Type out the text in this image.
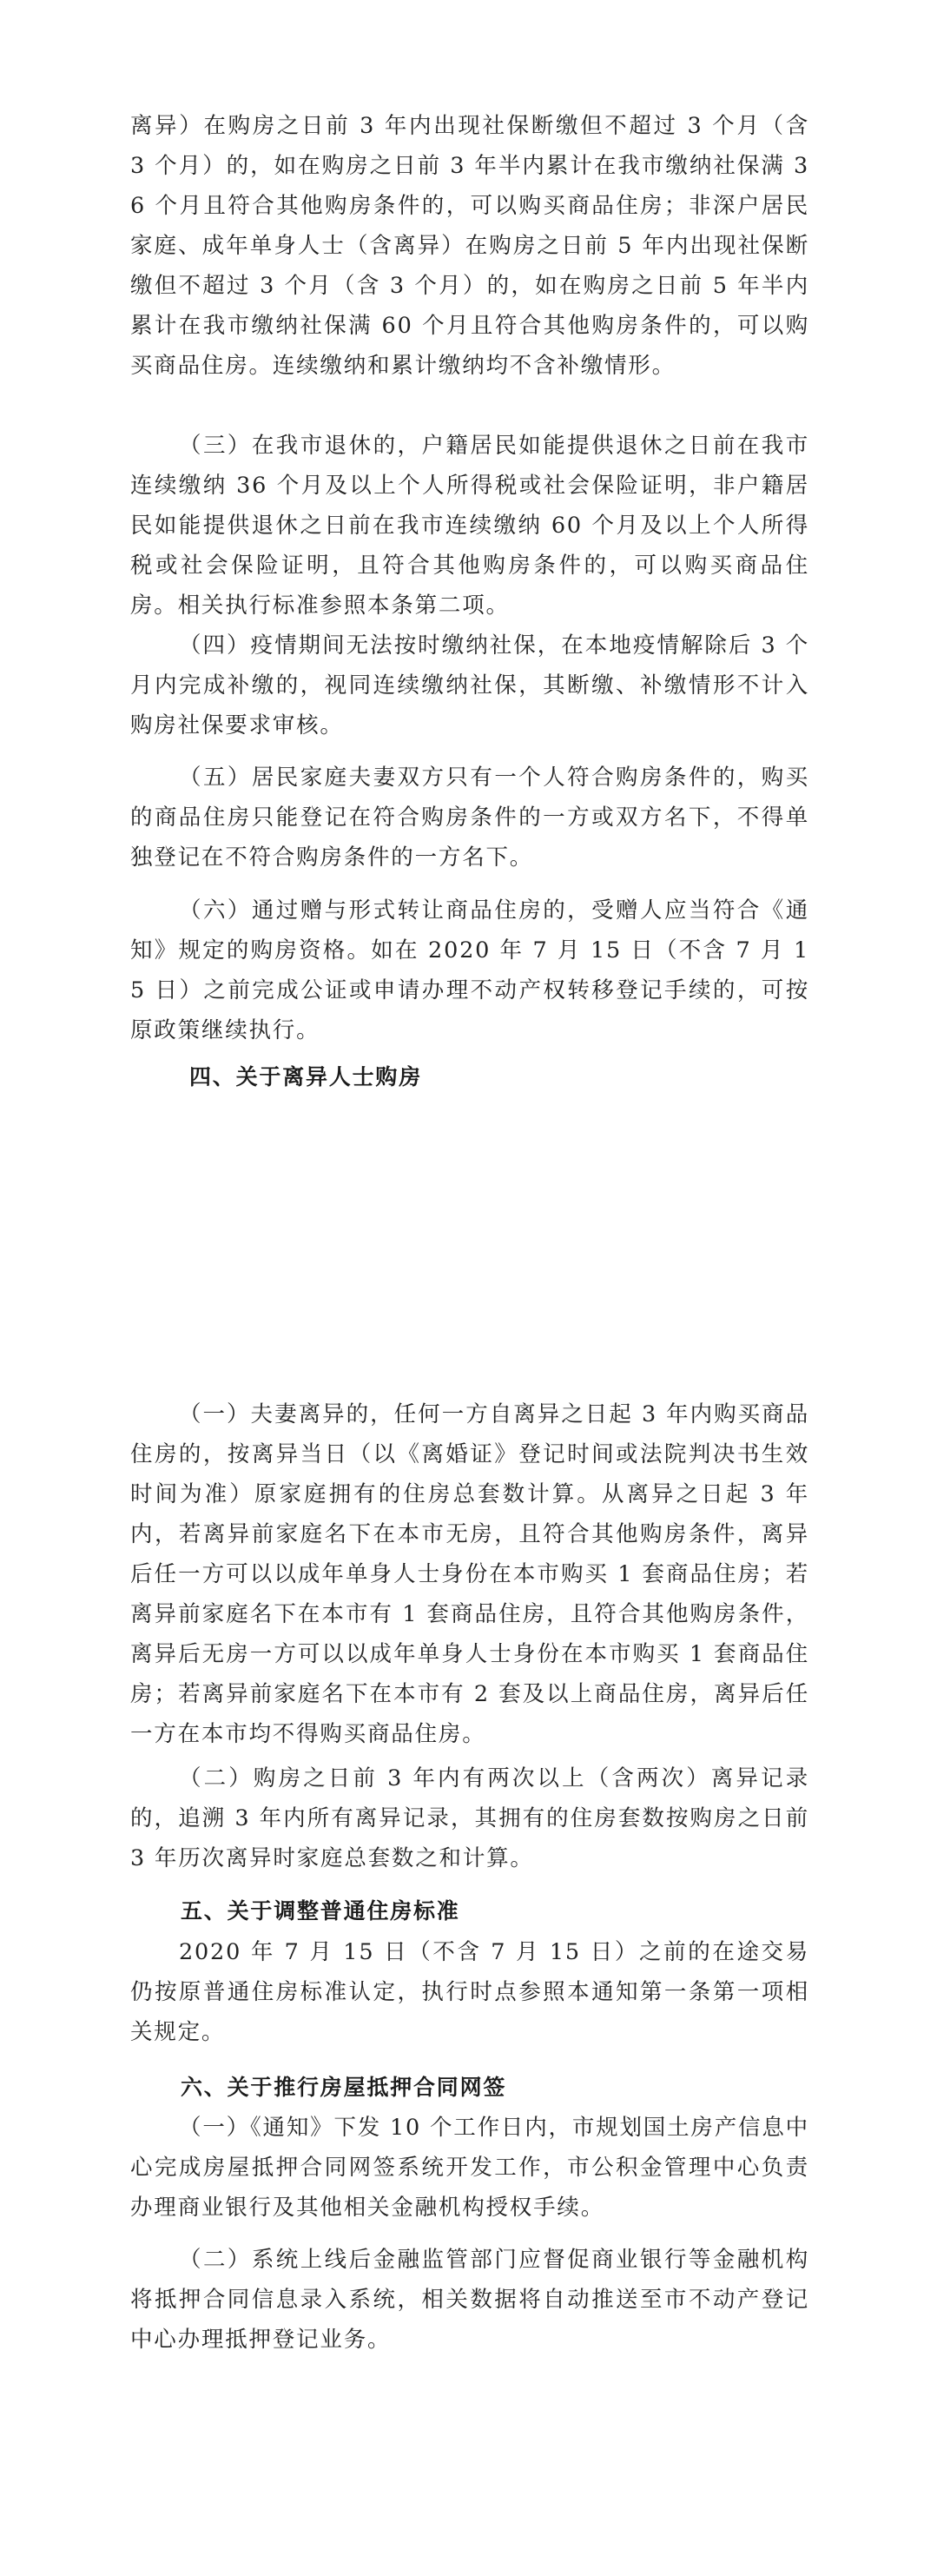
离异）在购房之日前 3 年内出现社保断缴但不超过 3 个月（含 3 个月）的，如在购房之日前 3 年半内累计在我市缴纳社保满 36 个月且符合其他购房条件的，可以购买商品住房；非深户居民家庭、成年单身人士（含离异）在购房之日前 5 年内出现社保断缴但不超过 3 个月（含 3 个月）的，如在购房之日前 5 年半内累计在我市缴纳社保满 60 个月且符合其他购房条件的，可以购买商品住房。连续缴纳和累计缴纳均不含补缴情形。

（三）在我市退休的，户籍居民如能提供退休之日前在我市连续缴纳 36 个月及以上个人所得税或社会保险证明，非户籍居民如能提供退休之日前在我市连续缴纳 60 个月及以上个人所得税或社会保险证明，且符合其他购房条件的，可以购买商品住房。相关执行标准参照本条第二项。

（四）疫情期间无法按时缴纳社保，在本地疫情解除后 3 个月内完成补缴的，视同连续缴纳社保，其断缴、补缴情形不计入购房社保要求审核。

（五）居民家庭夫妻双方只有一个人符合购房条件的，购买的商品住房只能登记在符合购房条件的一方或双方名下，不得单独登记在不符合购房条件的一方名下。

（六）通过赠与形式转让商品住房的，受赠人应当符合《通知》规定的购房资格。如在 2020 年 7 月 15 日（不含 7 月 15 日）之前完成公证或申请办理不动产权转移登记手续的，可按原政策继续执行。

四、关于离异人士购房

（一）夫妻离异的，任何一方自离异之日起 3 年内购买商品住房的，按离异当日（以《离婚证》登记时间或法院判决书生效时间为准）原家庭拥有的住房总套数计算。从离异之日起 3 年内，若离异前家庭名下在本市无房，且符合其他购房条件，离异后任一方可以以成年单身人士身份在本市购买 1 套商品住房；若离异前家庭名下在本市有 1 套商品住房，且符合其他购房条件，离异后无房一方可以以成年单身人士身份在本市购买 1 套商品住房；若离异前家庭名下在本市有 2 套及以上商品住房，离异后任一方在本市均不得购买商品住房。

（二）购房之日前 3 年内有两次以上（含两次）离异记录的，追溯 3 年内所有离异记录，其拥有的住房套数按购房之日前 3 年历次离异时家庭总套数之和计算。

五、关于调整普通住房标准

2020 年 7 月 15 日（不含 7 月 15 日）之前的在途交易仍按原普通住房标准认定，执行时点参照本通知第一条第一项相关规定。

六、关于推行房屋抵押合同网签

（一）《通知》下发 10 个工作日内，市规划国土房产信息中心完成房屋抵押合同网签系统开发工作，市公积金管理中心负责办理商业银行及其他相关金融机构授权手续。

（二）系统上线后金融监管部门应督促商业银行等金融机构将抵押合同信息录入系统，相关数据将自动推送至市不动产登记中心办理抵押登记业务。
